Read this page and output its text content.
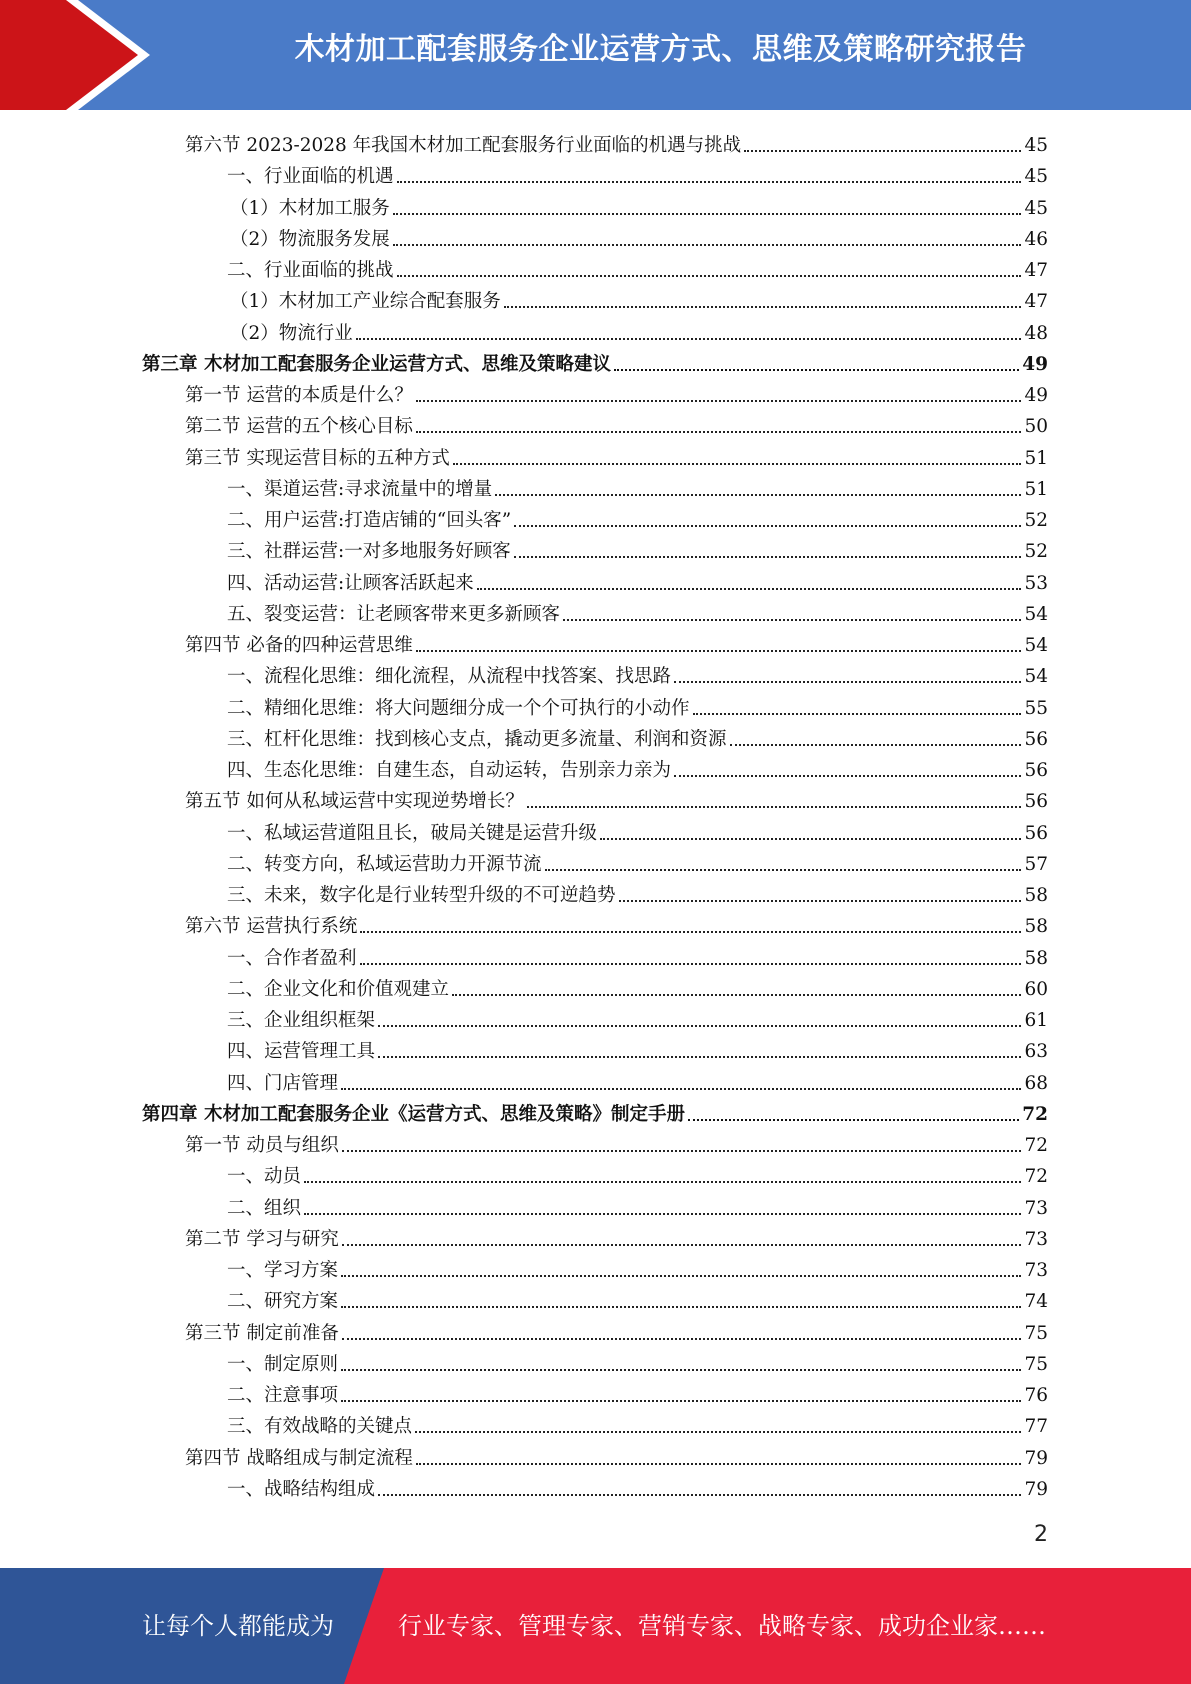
木材加工配套服务企业运营方式、思维及策略研究报告
第六节 2023-2028 年我国木材加工配套服务行业面临的机遇与挑战	45
一、行业面临的机遇	45
（1）木材加工服务	45
（2）物流服务发展	46
二、行业面临的挑战	47
（1）木材加工产业综合配套服务	47
（2）物流行业	48
第三章 木材加工配套服务企业运营方式、思维及策略建议	49
第一节 运营的本质是什么？	49
第二节 运营的五个核心目标	50
第三节 实现运营目标的五种方式	51
一、渠道运营:寻求流量中的增量	51
二、用户运营:打造店铺的“回头客”	52
三、社群运营:一对多地服务好顾客	52
四、活动运营:让顾客活跃起来	53
五、裂变运营：让老顾客带来更多新顾客	54
第四节 必备的四种运营思维	54
一、流程化思维：细化流程，从流程中找答案、找思路	54
二、精细化思维：将大问题细分成一个个可执行的小动作	55
三、杠杆化思维：找到核心支点，撬动更多流量、利润和资源	56
四、生态化思维：自建生态，自动运转，告别亲力亲为	56
第五节 如何从私域运营中实现逆势增长？	56
一、私域运营道阻且长，破局关键是运营升级	56
二、转变方向，私域运营助力开源节流	57
三、未来，数字化是行业转型升级的不可逆趋势	58
第六节 运营执行系统	58
一、合作者盈利	58
二、企业文化和价值观建立	60
三、企业组织框架	61
四、运营管理工具	63
四、门店管理	68
第四章 木材加工配套服务企业《运营方式、思维及策略》制定手册	72
第一节 动员与组织	72
一、动员	72
二、组织	73
第二节 学习与研究	73
一、学习方案	73
二、研究方案	74
第三节 制定前准备	75
一、制定原则	75
二、注意事项	76
三、有效战略的关键点	77
第四节 战略组成与制定流程	79
一、战略结构组成	79
2
让每个人都能成为	行业专家、管理专家、营销专家、战略专家、成功企业家……
